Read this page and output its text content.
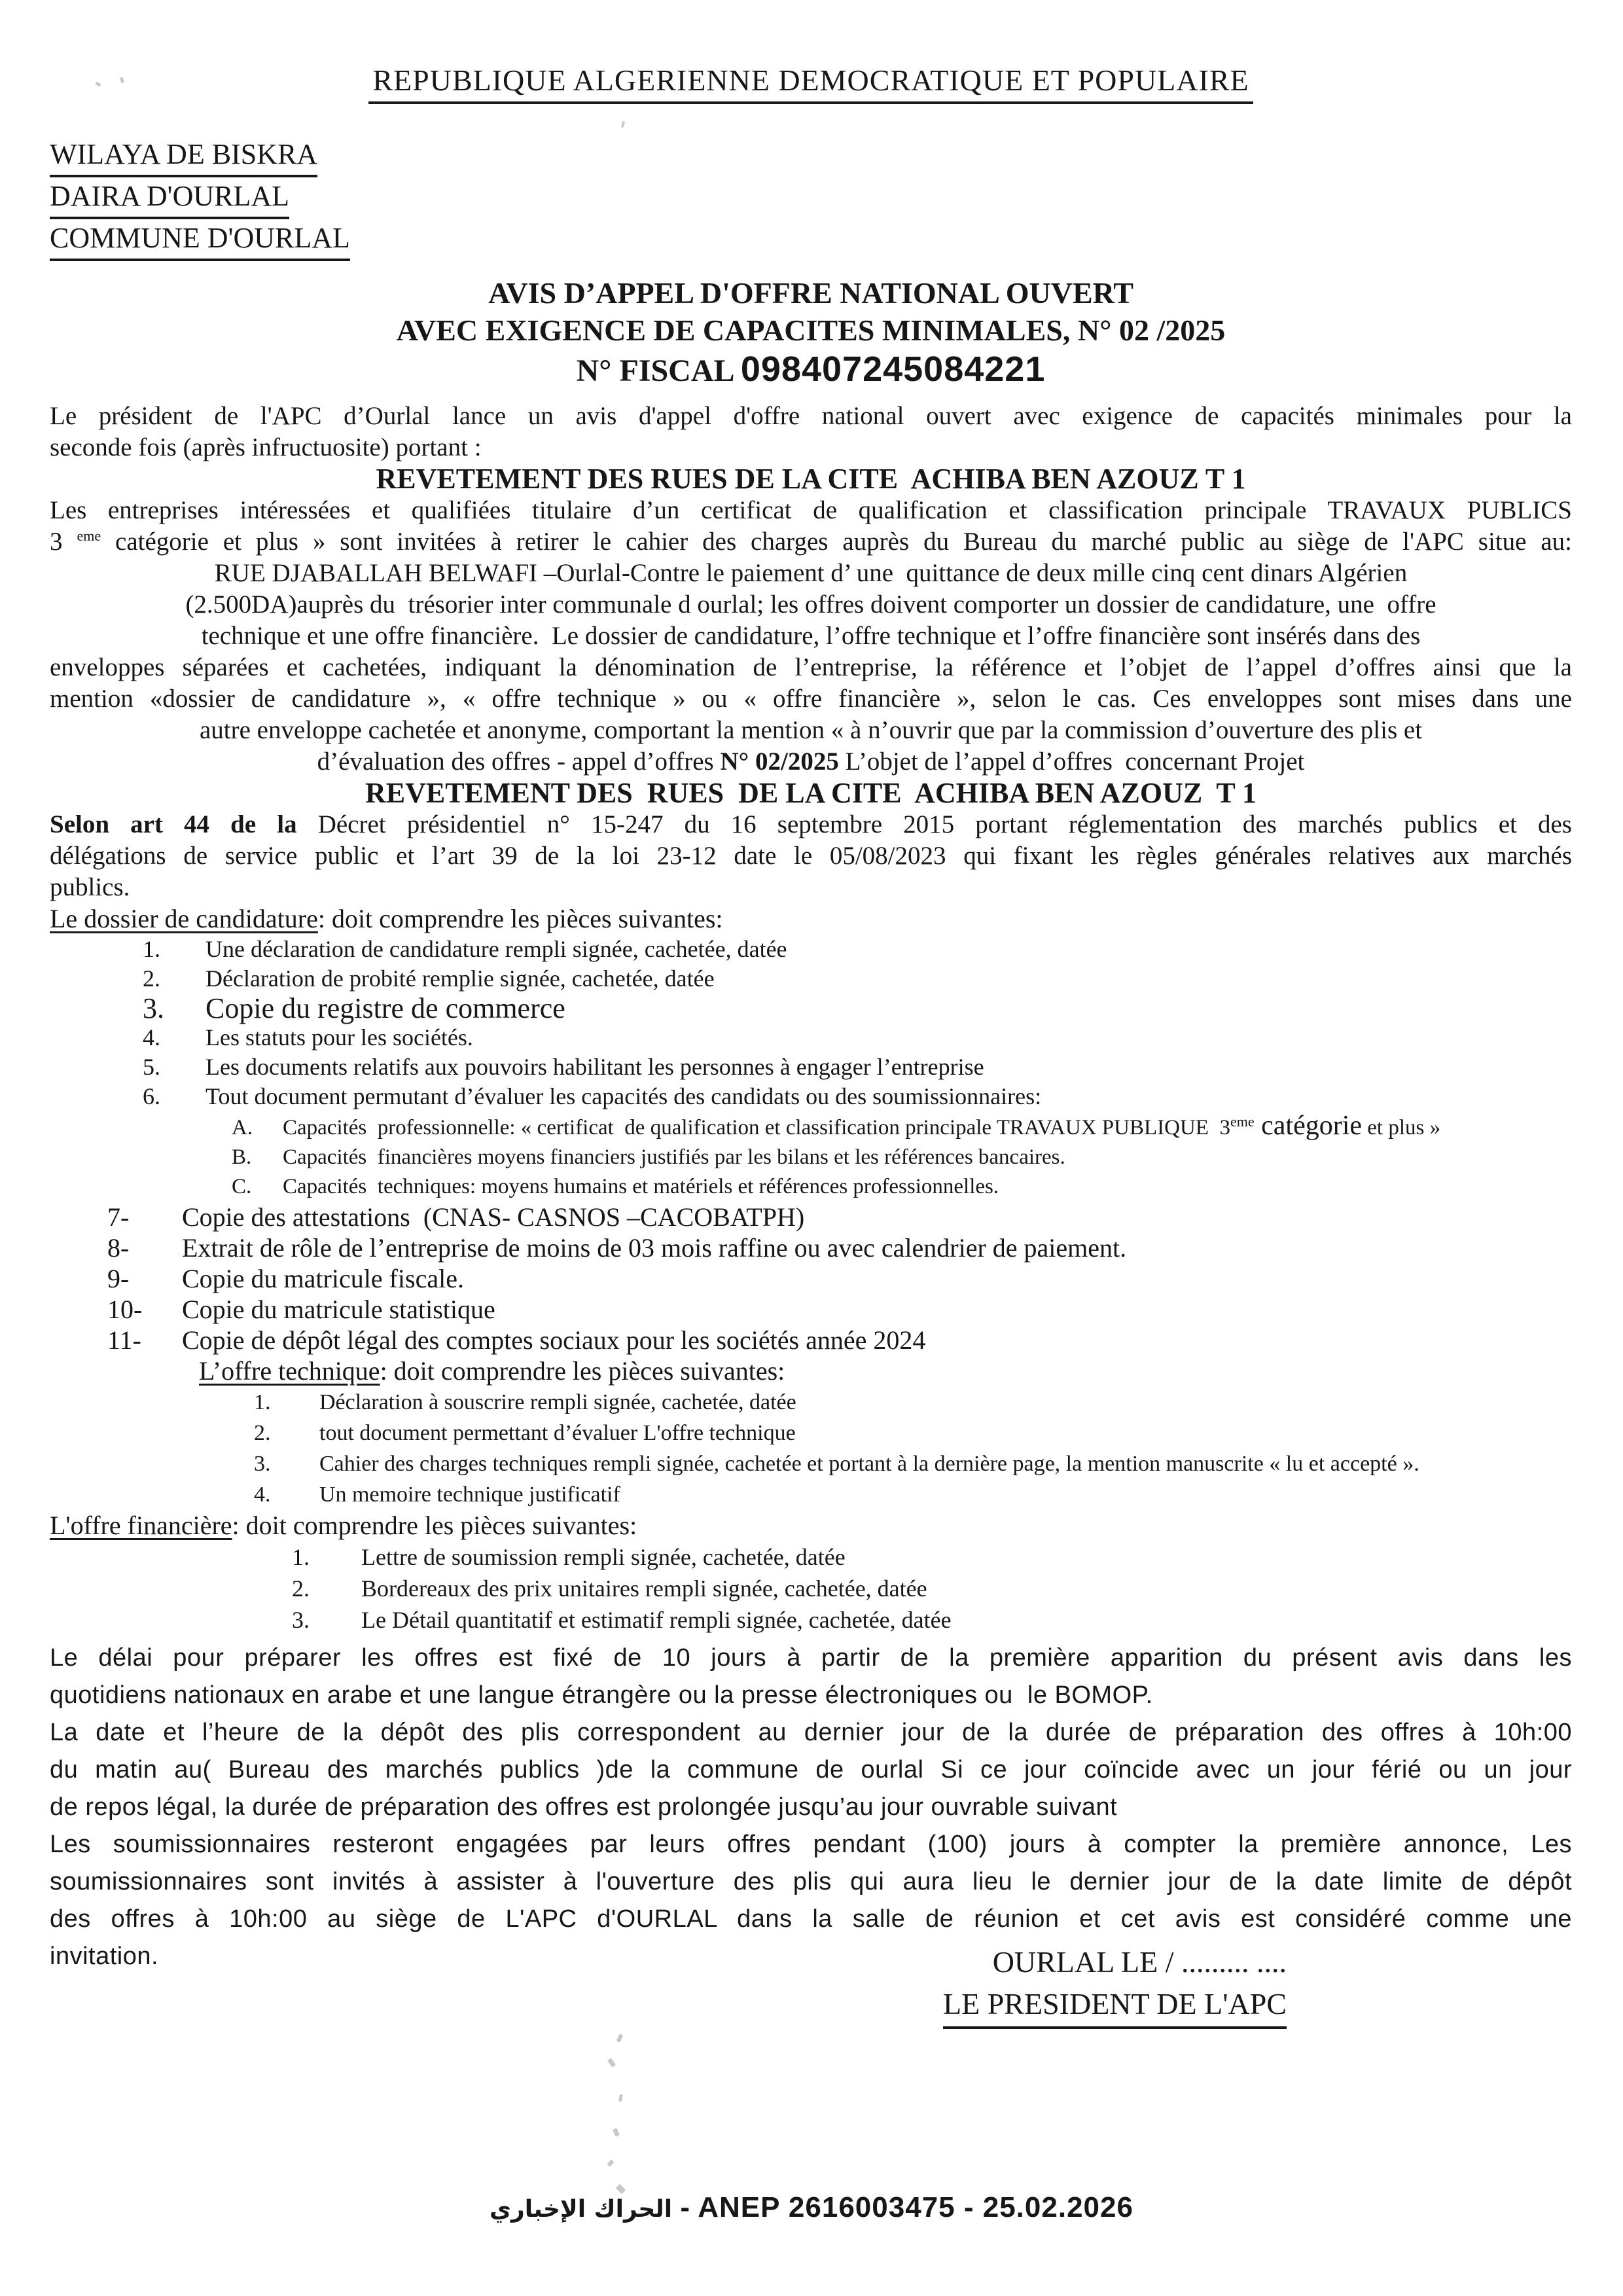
REPUBLIQUE ALGERIENNE DEMOCRATIQUE ET POPULAIRE
WILAYA DE BISKRA
DAIRA D'OURLAL
COMMUNE D'OURLAL
AVIS D’APPEL D'OFFRE NATIONAL OUVERT
AVEC EXIGENCE DE CAPACITES MINIMALES, N° 02 /2025
N° FISCAL 098407245084221
Le président de l'APC d’Ourlal lance un avis d'appel d'offre national ouvert avec exigence de capacités minimales pour la
seconde fois (après infructuosite) portant :
REVETEMENT DES RUES DE LA CITE  ACHIBA BEN AZOUZ T 1
Les entreprises intéressées et qualifiées titulaire d’un certificat de qualification et classification principale TRAVAUX PUBLICS
3 $^{eme}$ catégorie et plus » sont invitées à retirer le cahier des charges auprès du Bureau du marché public au siège de l'APC situe au:
RUE DJABALLAH BELWAFI –Ourlal-Contre le paiement d’ une  quittance de deux mille cinq cent dinars Algérien
(2.500DA)auprès du  trésorier inter communale d ourlal; les offres doivent comporter un dossier de candidature, une  offre
technique et une offre financière.  Le dossier de candidature, l’offre technique et l’offre financière sont insérés dans des
enveloppes séparées et cachetées, indiquant la dénomination de l’entreprise, la référence et l’objet de l’appel d’offres ainsi que la
mention «dossier de candidature », « offre technique » ou « offre financière », selon le cas. Ces enveloppes sont mises dans une
autre enveloppe cachetée et anonyme, comportant la mention « à n’ouvrir que par la commission d’ouverture des plis et
d’évaluation des offres - appel d’offres N° 02/2025 L’objet de l’appel d’offres  concernant Projet
REVETEMENT DES  RUES  DE LA CITE  ACHIBA BEN AZOUZ  T 1
Selon art 44 de la Décret présidentiel n° 15-247 du 16 septembre 2015 portant réglementation des marchés publics et des
délégations de service public et l’art 39 de la loi 23-12 date le 05/08/2023 qui fixant les règles générales relatives aux marchés
publics.
Le dossier de candidature: doit comprendre les pièces suivantes:
1. Une déclaration de candidature rempli signée, cachetée, datée
2. Déclaration de probité remplie signée, cachetée, datée
3. Copie du registre de commerce
4. Les statuts pour les sociétés.
5. Les documents relatifs aux pouvoirs habilitant les personnes à engager l’entreprise
6. Tout document permutant d’évaluer les capacités des candidats ou des soumissionnaires:
A. Capacités  professionnelle: « certificat  de qualification et classification principale TRAVAUX PUBLIQUE  3eme catégorie et plus »
B. Capacités  financières moyens financiers justifiés par les bilans et les références bancaires.
C. Capacités  techniques: moyens humains et matériels et références professionnelles.
7- Copie des attestations  (CNAS- CASNOS –CACOBATPH)
8- Extrait de rôle de l’entreprise de moins de 03 mois raffine ou avec calendrier de paiement.
9- Copie du matricule fiscale.
10- Copie du matricule statistique
11- Copie de dépôt légal des comptes sociaux pour les sociétés année 2024
L’offre technique: doit comprendre les pièces suivantes:
1. Déclaration à souscrire rempli signée, cachetée, datée
2. tout document permettant d’évaluer L'offre technique
3. Cahier des charges techniques rempli signée, cachetée et portant à la dernière page, la mention manuscrite « lu et accepté ».
4. Un memoire technique justificatif
L'offre financière: doit comprendre les pièces suivantes:
1. Lettre de soumission rempli signée, cachetée, datée
2. Bordereaux des prix unitaires rempli signée, cachetée, datée
3. Le Détail quantitatif et estimatif rempli signée, cachetée, datée
Le délai pour préparer les offres est fixé de 10 jours à partir de la première apparition du présent avis dans les
quotidiens nationaux en arabe et une langue étrangère ou la presse électroniques ou  le BOMOP.
La date et l’heure de la dépôt des plis correspondent au dernier jour de la durée de préparation des offres à 10h:00
du matin au( Bureau des marchés publics )de la commune de ourlal Si ce jour coïncide avec un jour férié ou un jour
de repos légal, la durée de préparation des offres est prolongée jusqu’au jour ouvrable suivant
Les soumissionnaires resteront engagées par leurs offres pendant (100) jours à compter la première annonce, Les
soumissionnaires sont invités à assister à l'ouverture des plis qui aura lieu le dernier jour de la date limite de dépôt
des offres à 10h:00 au siège de L'APC d'OURLAL dans la salle de réunion et cet avis est considéré comme une
invitation.	OURLAL LE / ......... ....
LE PRESIDENT DE L'APC
الحراك الإخباري - ANEP 2616003475 - 25.02.2026
